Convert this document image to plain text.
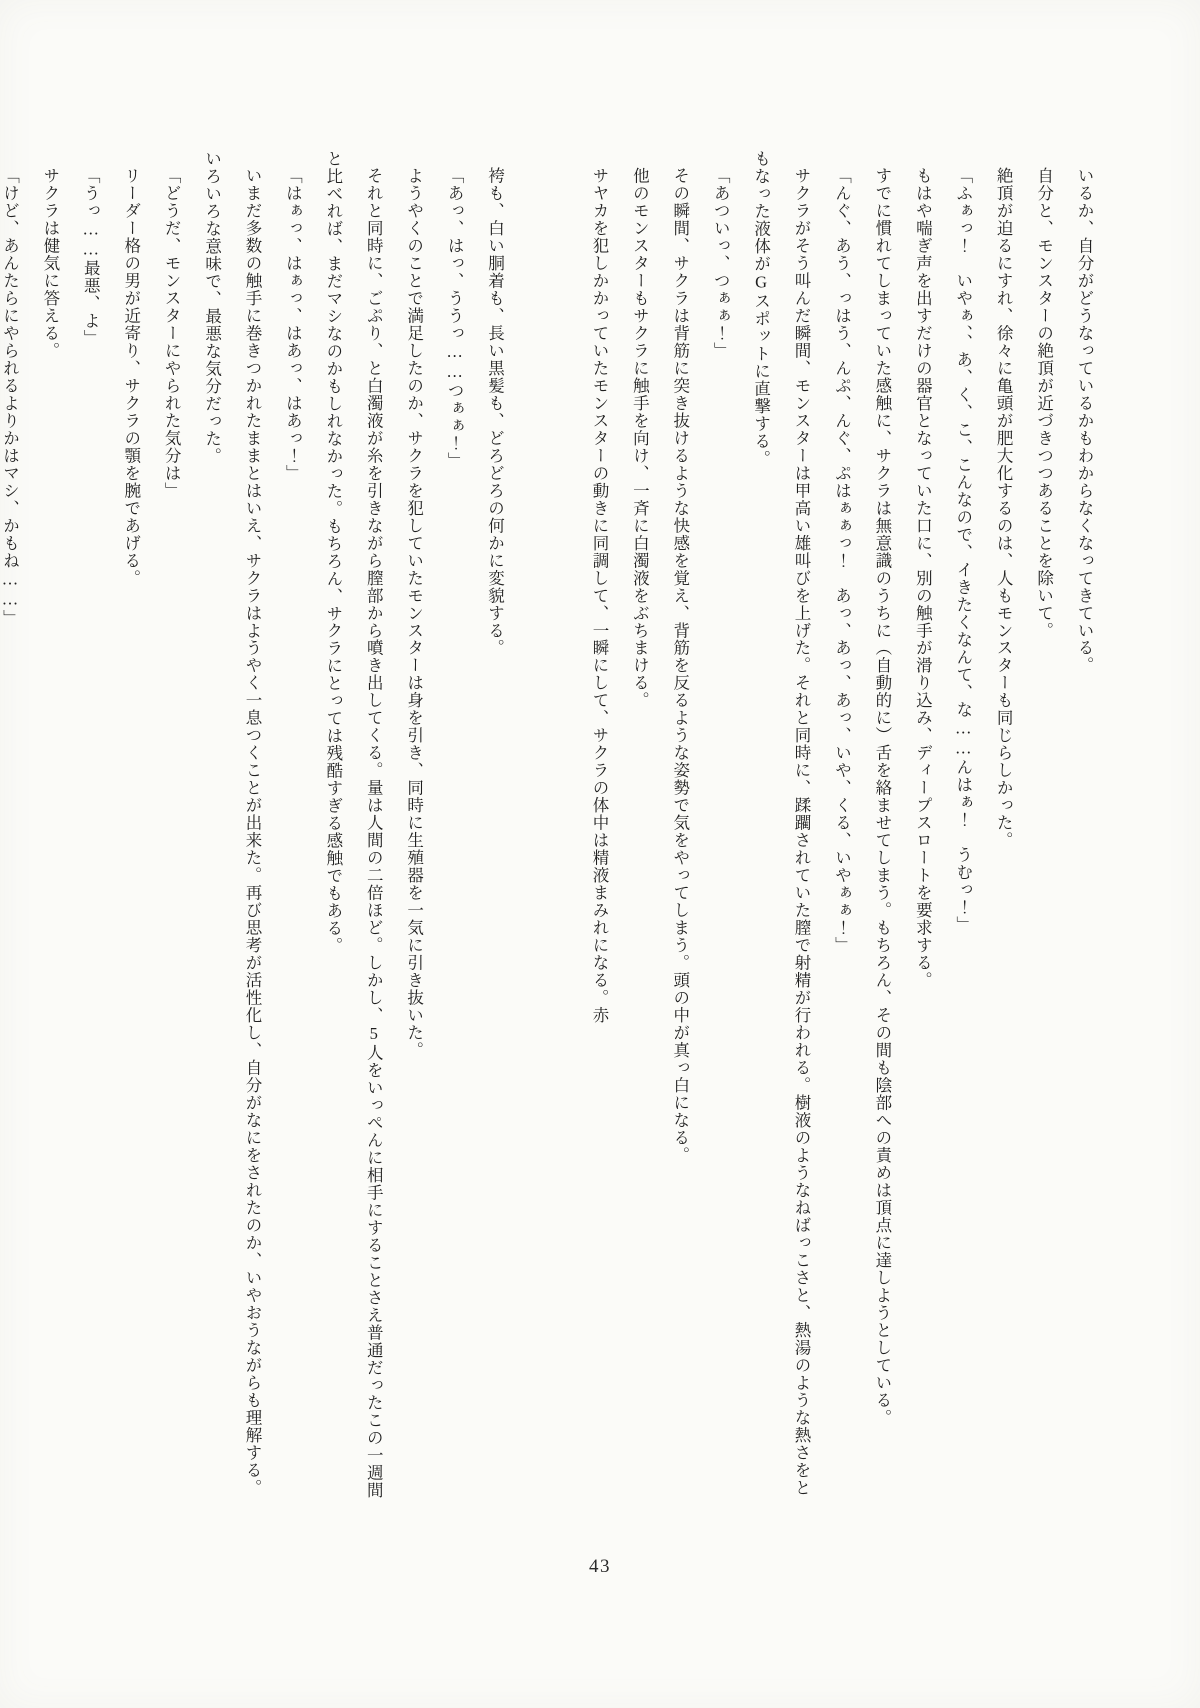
いるか、自分がどうなっているかもわからなくなってきている。
自分と、モンスターの絶頂が近づきつつあることを除いて。
絶頂が迫るにすれ、徐々に亀頭が肥大化するのは、人もモンスターも同じらしかった。
「ふぁっ！　いやぁ、、あ、く、こ、こんなので、イきたくなんて、な……んはぁ！　うむっ！」
もはや喘ぎ声を出すだけの器官となっていた口に、別の触手が滑り込み、ディープスロートを要求する。
すでに慣れてしまっていた感触に、サクラは無意識のうちに（自動的に）舌を絡ませてしまう。もちろん、その間も陰部への責めは頂点に達しようとしている。
「んぐ、あう、っはう、んぷ、んぐ、ぷはぁぁっ！　あっ、あっ、あっ、いや、くる、いやぁぁ！」
サクラがそう叫んだ瞬間、モンスターは甲高い雄叫びを上げた。それと同時に、蹂躙されていた膣で射精が行われる。樹液のようなねばっこさと、熱湯のような熱さをともなった液体がGスポットに直撃する。
「あついっ、つぁぁ！」
その瞬間、サクラは背筋に突き抜けるような快感を覚え、背筋を反るような姿勢で気をやってしまう。頭の中が真っ白になる。
他のモンスターもサクラに触手を向け、一斉に白濁液をぶちまける。
サヤカを犯しかかっていたモンスターの動きに同調して、一瞬にして、サクラの体中は精液まみれになる。赤
袴も、白い胴着も、長い黒髪も、どろどろの何かに変貌する。
「あっ、はっ、ううっ……つぁぁ！」
ようやくのことで満足したのか、サクラを犯していたモンスターは身を引き、同時に生殖器を一気に引き抜いた。
それと同時に、ごぷり、と白濁液が糸を引きながら膣部から噴き出してくる。量は人間の二倍ほど。しかし、5人をいっぺんに相手にすることさえ普通だったこの一週間と比べれば、まだマシなのかもしれなかった。もちろん、サクラにとっては残酷すぎる感触でもある。
「はぁっ、はぁっ、はあっ、はあっ！」
いまだ多数の触手に巻きつかれたままとはいえ、サクラはようやく一息つくことが出来た。再び思考が活性化し、自分がなにをされたのか、いやおうながらも理解する。いろいろな意味で、最悪な気分だった。
「どうだ、モンスターにやられた気分は」
リーダー格の男が近寄り、サクラの顎を腕であげる。
「うっ……最悪、よ」
サクラは健気に答える。
「けど、あんたらにやられるよりかはマシ、かもね……」
43
